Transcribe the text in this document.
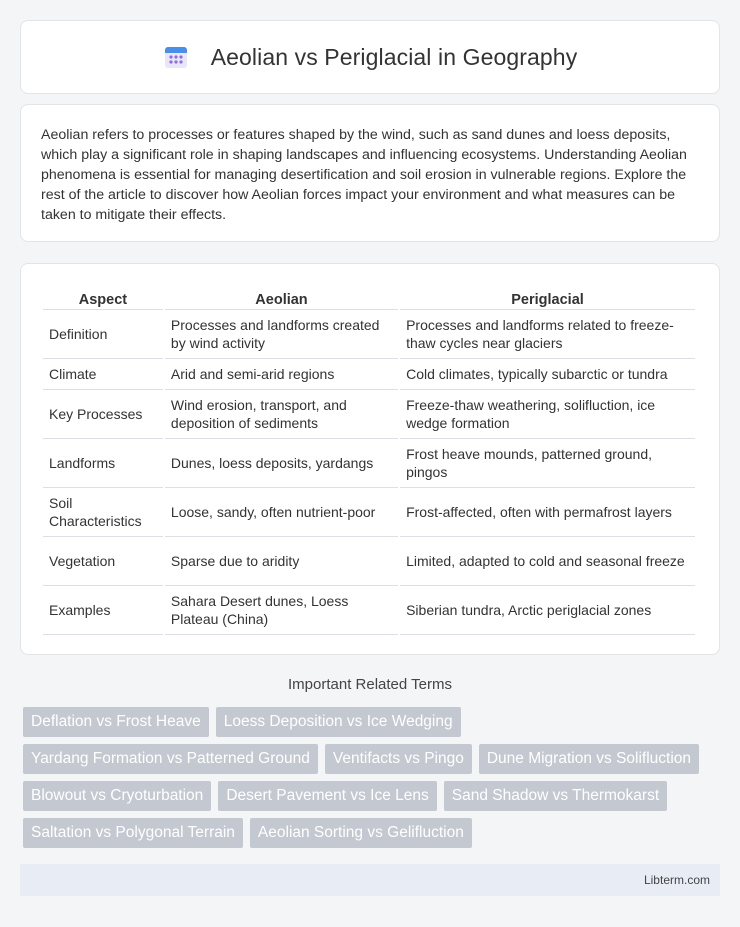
Aeolian vs Periglacial in Geography

Aeolian refers to processes or features shaped by the wind, such as sand dunes and loess deposits, which play a significant role in shaping landscapes and influencing ecosystems. Understanding Aeolian phenomena is essential for managing desertification and soil erosion in vulnerable regions. Explore the rest of the article to discover how Aeolian forces impact your environment and what measures can be taken to mitigate their effects.

Aspect	Aeolian	Periglacial
Definition	Processes and landforms created by wind activity	Processes and landforms related to freeze-thaw cycles near glaciers
Climate	Arid and semi-arid regions	Cold climates, typically subarctic or tundra
Key Processes	Wind erosion, transport, and deposition of sediments	Freeze-thaw weathering, solifluction, ice wedge formation
Landforms	Dunes, loess deposits, yardangs	Frost heave mounds, patterned ground, pingos
Soil Characteristics	Loose, sandy, often nutrient-poor	Frost-affected, often with permafrost layers
Vegetation	Sparse due to aridity	Limited, adapted to cold and seasonal freeze
Examples	Sahara Desert dunes, Loess Plateau (China)	Siberian tundra, Arctic periglacial zones
Important Related Terms
Deflation vs Frost Heave	Loess Deposition vs Ice Wedging
Yardang Formation vs Patterned Ground	Ventifacts vs Pingo	Dune Migration vs Solifluction
Blowout vs Cryoturbation	Desert Pavement vs Ice Lens	Sand Shadow vs Thermokarst
Saltation vs Polygonal Terrain	Aeolian Sorting vs Gelifluction
Libterm.com
